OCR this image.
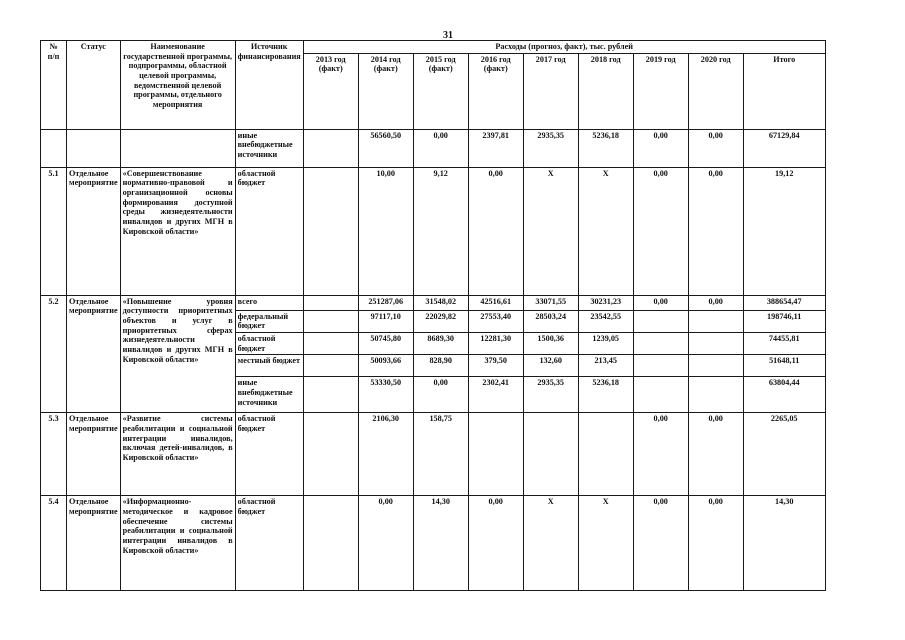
31
№
п/п	Статус	Наименование государственной программы, подпрограммы, областной целевой программы, ведомственной целевой программы, отдельного мероприятия	Источник финансирования	Расходы (прогноз, факт), тыс. рублей								
				2013 год (факт)	2014 год (факт)	2015 год (факт)	2016 год (факт)	2017 год	2018 год	2019 год	2020 год	Итого
			иные внебюджетные источники		56560,50	0,00	2397,81	2935,35	5236,18	0,00	0,00	67129,84
5.1	Отдельное мероприятие	«Совершенствование нормативно-правовой и организационной основы формирования доступной среды жизнедеятельности инвалидов и других МГН в Кировской области»	областной бюджет		10,00	9,12	0,00	Х	Х	0,00	0,00	19,12
5.2	Отдельное мероприятие	«Повышение уровня доступности приоритетных объектов и услуг в приоритетных сферах жизнедеятельности инвалидов и других МГН в Кировской области»	всего		251287,06	31548,02	42516,61	33071,55	30231,23	0,00	0,00	388654,47
			федеральный бюджет		97117,10	22029,82	27553,40	28503,24	23542,55			198746,11
			областной бюджет		50745,80	8689,30	12281,30	1500,36	1239,05			74455,81
			местный бюджет		50093,66	828,90	379,50	132,60	213,45			51648,11
			иные внебюджетные источники		53330,50	0,00	2302,41	2935,35	5236,18			63804,44
5.3	Отдельное мероприятие	«Развитие системы реабилитации и социальной интеграции инвалидов, включая детей-инвалидов, в Кировской области»	областной бюджет		2106,30	158,75				0,00	0,00	2265,05
5.4	Отдельное мероприятие	«Информационно-методическое и кадровое обеспечение системы реабилитации и социальной интеграции инвалидов в Кировской области»	областной бюджет		0,00	14,30	0,00	Х	Х	0,00	0,00	14,30
